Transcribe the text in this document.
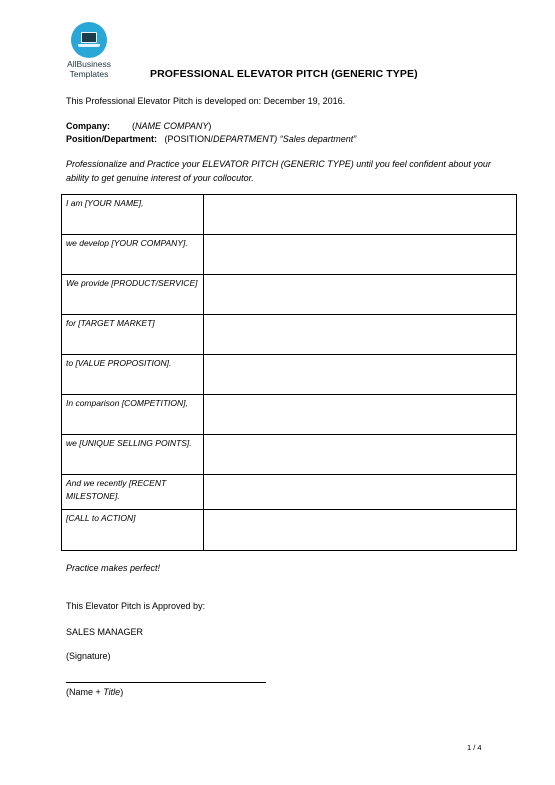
AllBusiness
Templates	PROFESSIONAL ELEVATOR PITCH (GENERIC TYPE)
This Professional Elevator Pitch is developed on: December 19, 2016.
Company: (NAME COMPANY)
Position/Department: (POSITION/DEPARTMENT) “Sales department”
Professionalize and Practice your ELEVATOR PITCH (GENERIC TYPE) until you feel confident about your ability to get genuine interest of your collocutor.
I am [YOUR NAME],	
we develop [YOUR COMPANY].	
We provide [PRODUCT/SERVICE]	
for [TARGET MARKET]	
to [VALUE PROPOSITION].	
In comparison [COMPETITION],	
we [UNIQUE SELLING POINTS].	
And we recently [RECENT MILESTONE].	
[CALL to ACTION]	
Practice makes perfect!
This Elevator Pitch is Approved by:
SALES MANAGER
(Signature)
(Name + Title)
1 / 4
